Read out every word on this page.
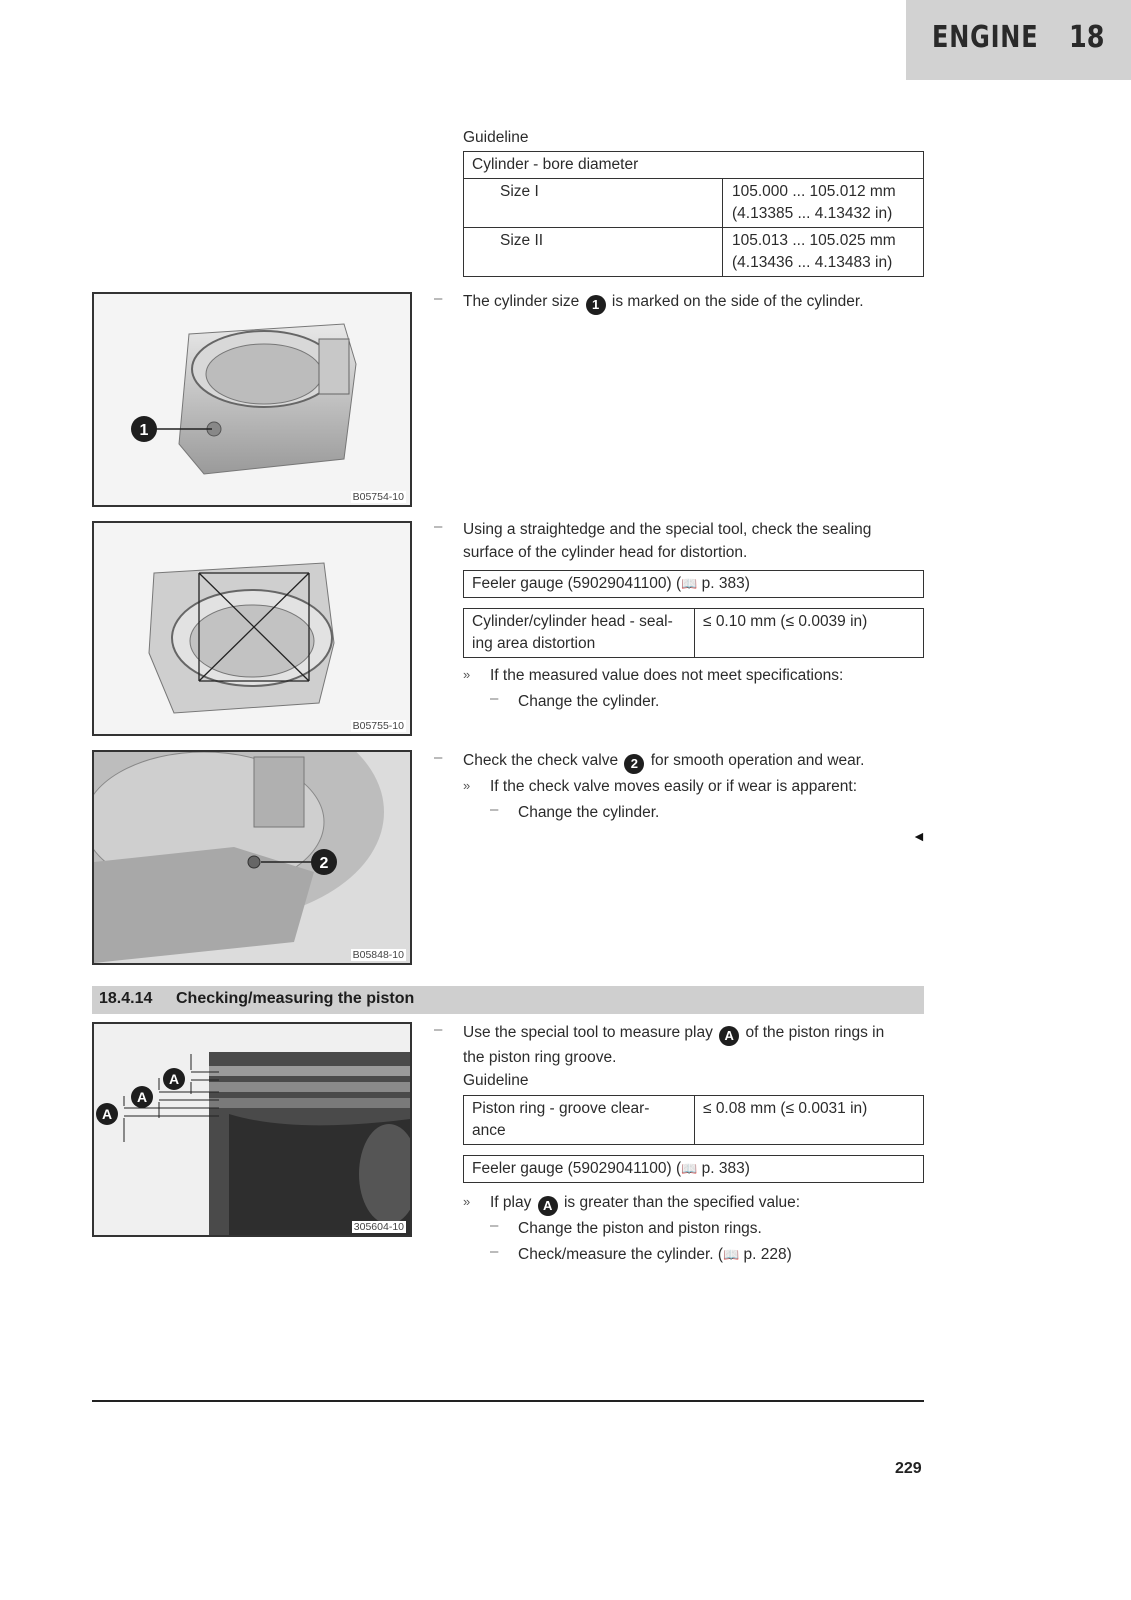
ENGINE 18
Guideline
Cylinder - bore diameter	
Size I	105.000 ... 105.012 mm
(4.13385 ... 4.13432 in)

Size II	105.013 ... 105.025 mm
(4.13436 ... 4.13483 in)
1
B05754-10
– The cylinder size 1 is marked on the side of the cylinder.
B05755-10
– Using a straightedge and the special tool, check the sealing
surface of the cylinder head for distortion.
Feeler gauge (59029041100) (📖 p. 383)
Cylinder/cylinder head - seal-
ing area distortion
	≤ 0.10 mm (≤ 0.0039 in)
» If the measured value does not meet specifications:
– Change the cylinder.
2
B05848-10
– Check the check valve 2 for smooth operation and wear.
» If the check valve moves easily or if wear is apparent:
– Change the cylinder.
◄
18.4.14 Checking/measuring the piston
A
A
A
305604-10
– Use the special tool to measure play A of the piston rings in
the piston ring groove.
Guideline
Piston ring - groove clear-
ance
	≤ 0.08 mm (≤ 0.0031 in)
Feeler gauge (59029041100) (📖 p. 383)
» If play A is greater than the specified value:
– Change the piston and piston rings.
– Check/measure the cylinder. (📖 p. 228)
229
